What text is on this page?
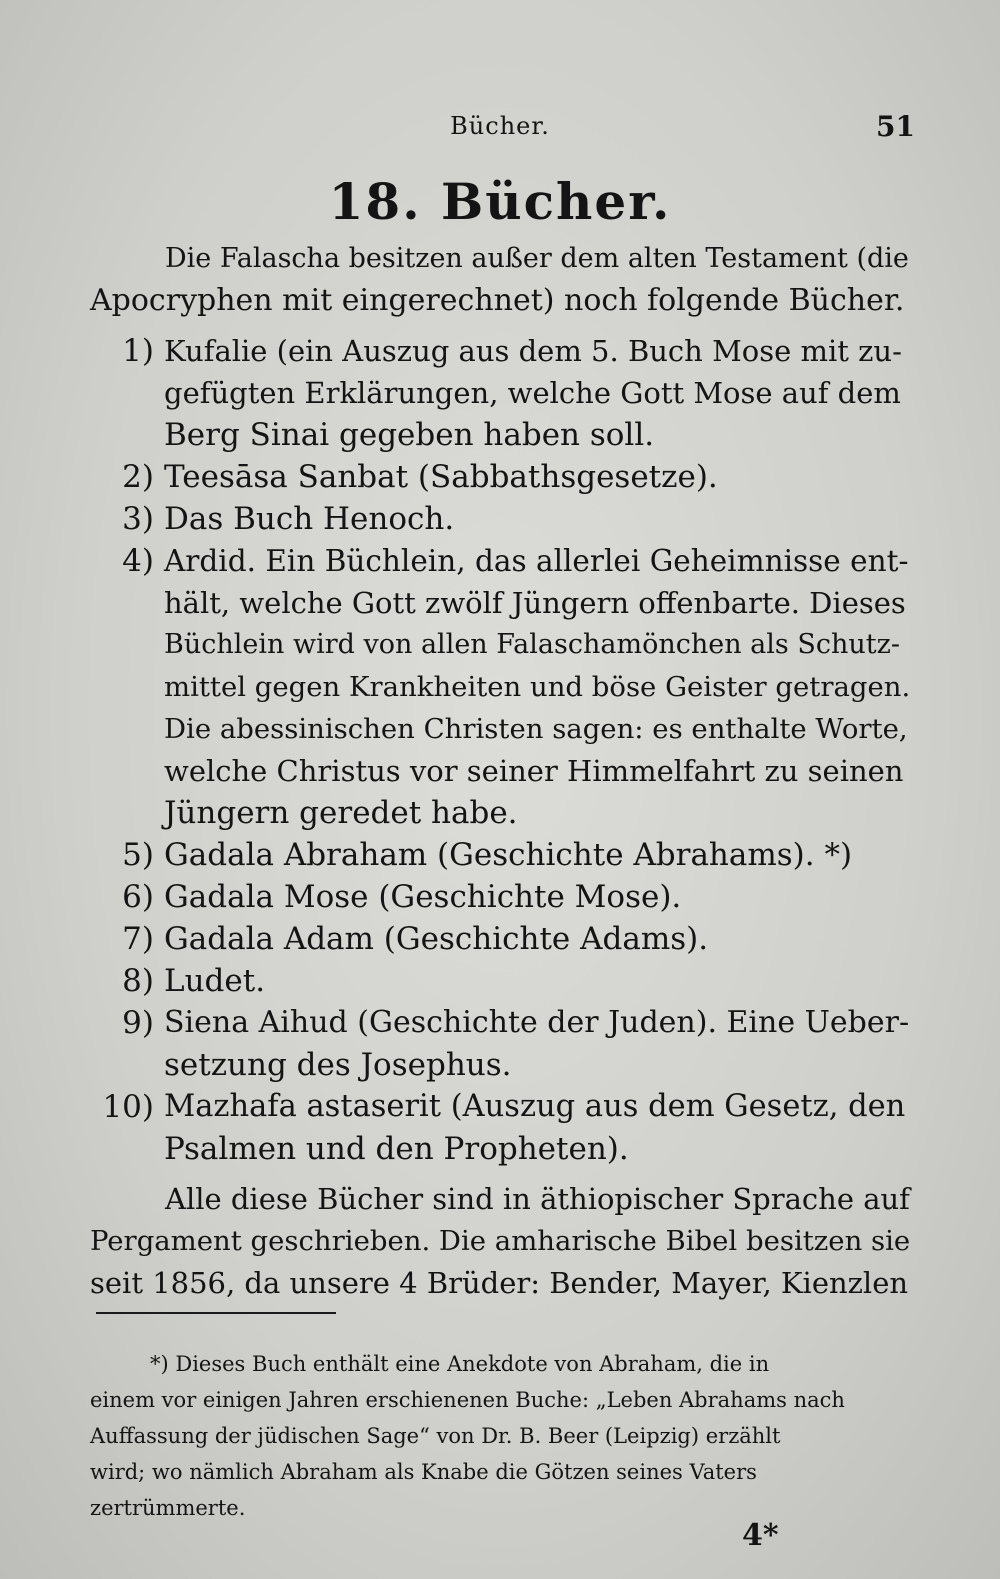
Bücher.	51
18. Bücher.
Die Falascha besitzen außer dem alten Testament (die
Apocryphen mit eingerechnet) noch folgende Bücher.
1) Kufalie (ein Auszug aus dem 5. Buch Mose mit zu-
gefügten Erklärungen, welche Gott Mose auf dem
Berg Sinai gegeben haben soll.
2) Teesāsa Sanbat (Sabbathsgesetze).
3) Das Buch Henoch.
4) Ardid. Ein Büchlein, das allerlei Geheimnisse ent-
hält, welche Gott zwölf Jüngern offenbarte. Dieses
Büchlein wird von allen Falaschamönchen als Schutz-
mittel gegen Krankheiten und böse Geister getragen.
Die abessinischen Christen sagen: es enthalte Worte,
welche Christus vor seiner Himmelfahrt zu seinen
Jüngern geredet habe.
5) Gadala Abraham (Geschichte Abrahams). *)
6) Gadala Mose (Geschichte Mose).
7) Gadala Adam (Geschichte Adams).
8) Ludet.
9) Siena Aihud (Geschichte der Juden). Eine Ueber-
setzung des Josephus.
10) Mazhafa astaserit (Auszug aus dem Gesetz, den
Psalmen und den Propheten).
Alle diese Bücher sind in äthiopischer Sprache auf
Pergament geschrieben. Die amharische Bibel besitzen sie
seit 1856, da unsere 4 Brüder: Bender, Mayer, Kienzlen
*) Dieses Buch enthält eine Anekdote von Abraham, die in
einem vor einigen Jahren erschienenen Buche: „Leben Abrahams nach
Auffassung der jüdischen Sage“ von Dr. B. Beer (Leipzig) erzählt
wird; wo nämlich Abraham als Knabe die Götzen seines Vaters
zertrümmerte.
4*
